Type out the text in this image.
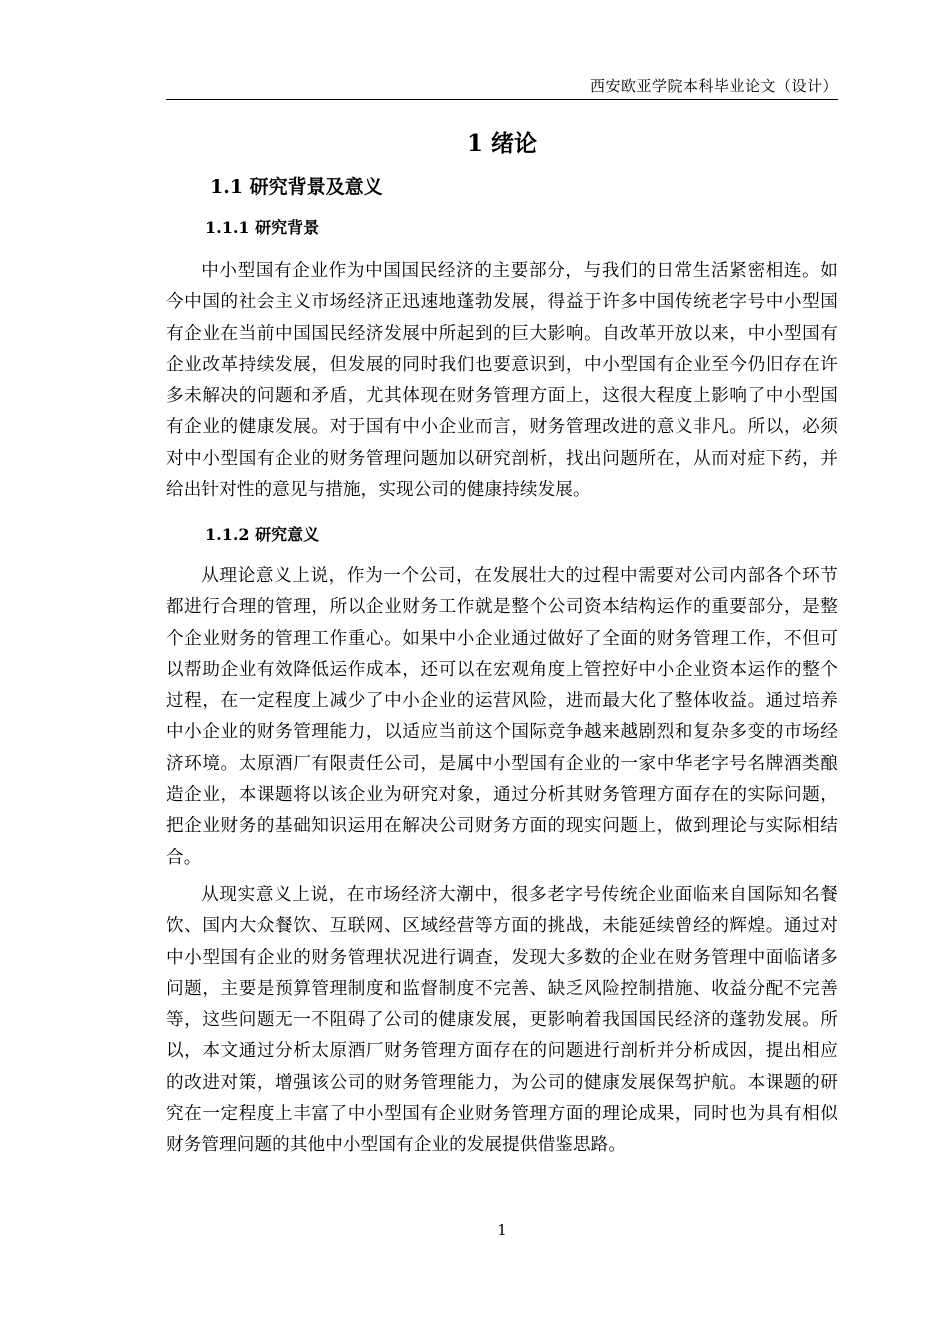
西安欧亚学院本科毕业论文（设计）
1 绪论
1.1 研究背景及意义
1.1.1 研究背景

中小型国有企业作为中国国民经济的主要部分，与我们的日常生活紧密相连。如今中国的社会主义市场经济正迅速地蓬勃发展，得益于许多中国传统老字号中小型国有企业在当前中国国民经济发展中所起到的巨大影响。自改革开放以来，中小型国有企业改革持续发展，但发展的同时我们也要意识到，中小型国有企业至今仍旧存在许多未解决的问题和矛盾，尤其体现在财务管理方面上，这很大程度上影响了中小型国有企业的健康发展。对于国有中小企业而言，财务管理改进的意义非凡。所以，必须对中小型国有企业的财务管理问题加以研究剖析，找出问题所在，从而对症下药，并给出针对性的意见与措施，实现公司的健康持续发展。

1.1.2 研究意义

从理论意义上说，作为一个公司，在发展壮大的过程中需要对公司内部各个环节都进行合理的管理，所以企业财务工作就是整个公司资本结构运作的重要部分，是整个企业财务的管理工作重心。如果中小企业通过做好了全面的财务管理工作，不但可以帮助企业有效降低运作成本，还可以在宏观角度上管控好中小企业资本运作的整个过程，在一定程度上减少了中小企业的运营风险，进而最大化了整体收益。通过培养中小企业的财务管理能力，以适应当前这个国际竞争越来越剧烈和复杂多变的市场经济环境。太原酒厂有限责任公司，是属中小型国有企业的一家中华老字号名牌酒类酿造企业，本课题将以该企业为研究对象，通过分析其财务管理方面存在的实际问题，把企业财务的基础知识运用在解决公司财务方面的现实问题上，做到理论与实际相结合。

从现实意义上说，在市场经济大潮中，很多老字号传统企业面临来自国际知名餐饮、国内大众餐饮、互联网、区域经营等方面的挑战，未能延续曾经的辉煌。通过对中小型国有企业的财务管理状况进行调查，发现大多数的企业在财务管理中面临诸多问题，主要是预算管理制度和监督制度不完善、缺乏风险控制措施、收益分配不完善等，这些问题无一不阻碍了公司的健康发展，更影响着我国国民经济的蓬勃发展。所以，本文通过分析太原酒厂财务管理方面存在的问题进行剖析并分析成因，提出相应的改进对策，增强该公司的财务管理能力，为公司的健康发展保驾护航。本课题的研究在一定程度上丰富了中小型国有企业财务管理方面的理论成果，同时也为具有相似财务管理问题的其他中小型国有企业的发展提供借鉴思路。

1
